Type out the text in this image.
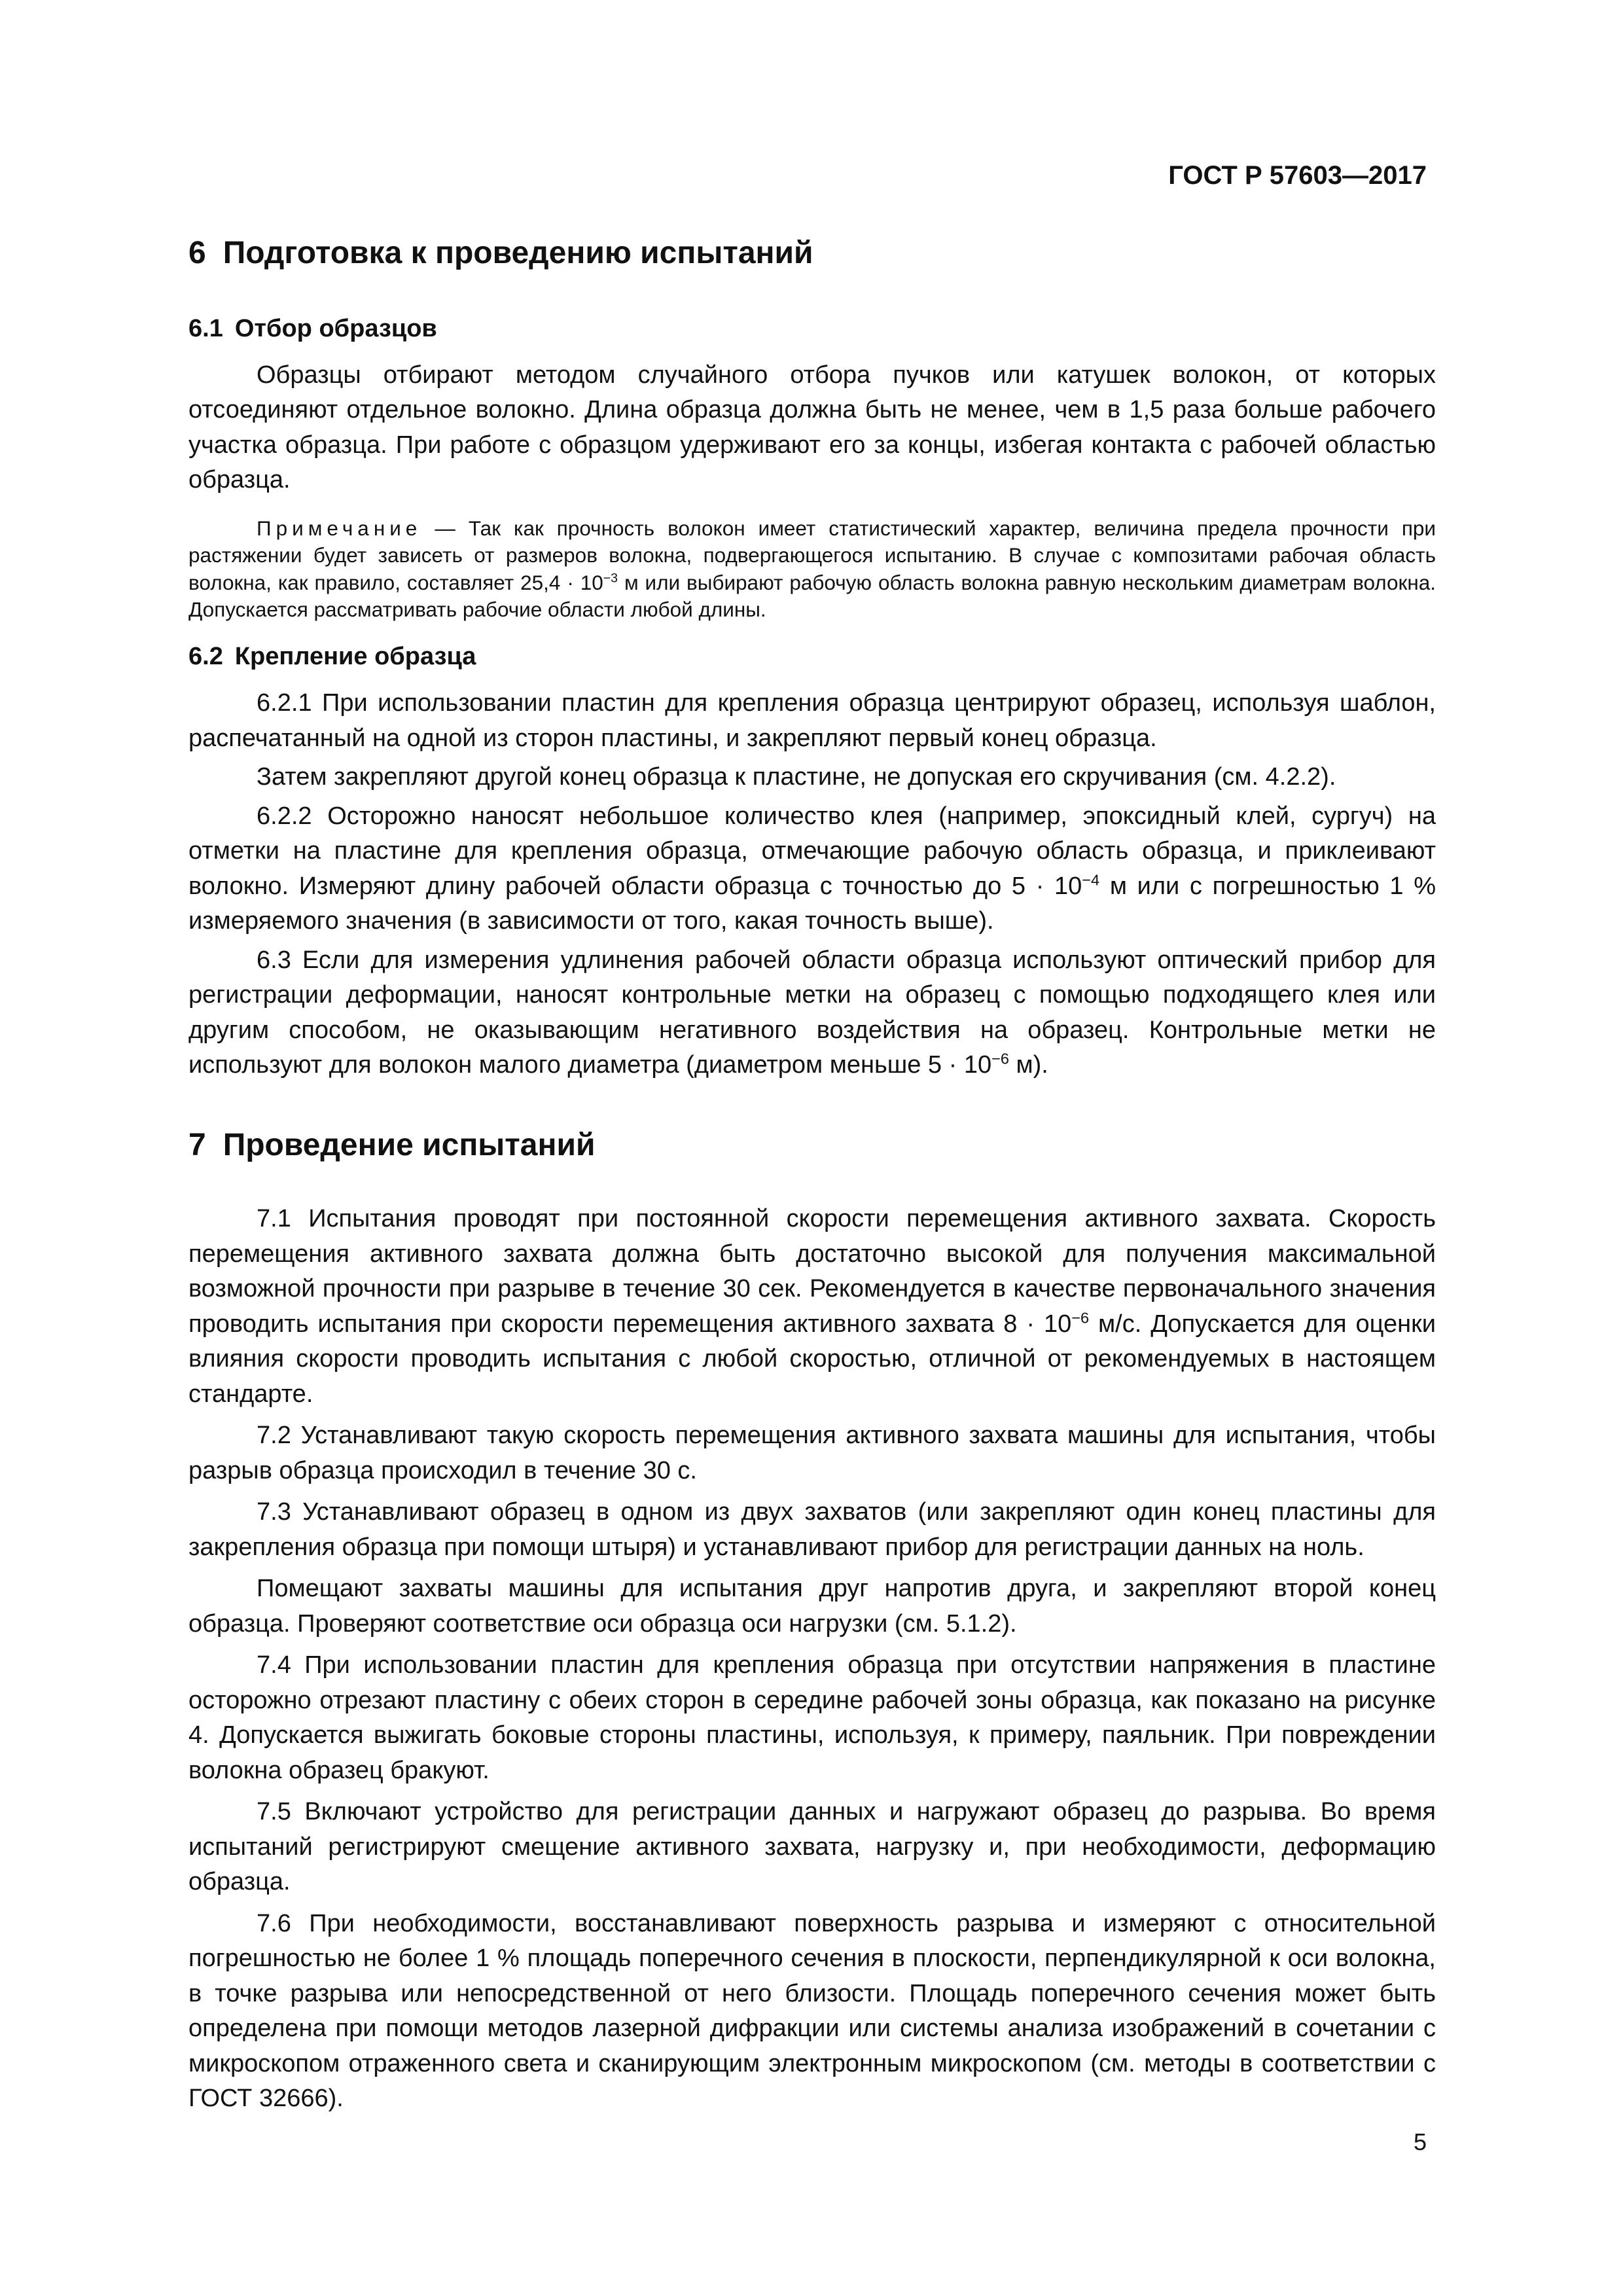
ГОСТ Р 57603—2017
6 Подготовка к проведению испытаний
6.1 Отбор образцов

Образцы отбирают методом случайного отбора пучков или катушек волокон, от которых отсоединяют отдельное волокно. Длина образца должна быть не менее, чем в 1,5 раза больше рабочего участка образца. При работе с образцом удерживают его за концы, избегая контакта с рабочей областью образца.

Примечание — Так как прочность волокон имеет статистический характер, величина предела прочности при растяжении будет зависеть от размеров волокна, подвергающегося испытанию. В случае с композитами рабочая область волокна, как правило, составляет $25,4 \cdot 10^{-3}$ м или выбирают рабочую область волокна равную нескольким диаметрам волокна. Допускается рассматривать рабочие области любой длины.

6.2 Крепление образца

6.2.1 При использовании пластин для крепления образца центрируют образец, используя шаблон, распечатанный на одной из сторон пластины, и закрепляют первый конец образца.

Затем закрепляют другой конец образца к пластине, не допуская его скручивания (см. 4.2.2).

6.2.2 Осторожно наносят небольшое количество клея (например, эпоксидный клей, сургуч) на отметки на пластине для крепления образца, отмечающие рабочую область образца, и приклеивают волокно. Измеряют длину рабочей области образца с точностью до $5 \cdot 10^{-4}$ м или с погрешностью 1 % измеряемого значения (в зависимости от того, какая точность выше).

6.3 Если для измерения удлинения рабочей области образца используют оптический прибор для регистрации деформации, наносят контрольные метки на образец с помощью подходящего клея или другим способом, не оказывающим негативного воздействия на образец. Контрольные метки не используют для волокон малого диаметра (диаметром меньше $5 \cdot 10^{-6}$ м).

7 Проведение испытаний

7.1 Испытания проводят при постоянной скорости перемещения активного захвата. Скорость перемещения активного захвата должна быть достаточно высокой для получения максимальной возможной прочности при разрыве в течение 30 сек. Рекомендуется в качестве первоначального значения проводить испытания при скорости перемещения активного захвата $8 \cdot 10^{-6}$ м/с. Допускается для оценки влияния скорости проводить испытания с любой скоростью, отличной от рекомендуемых в настоящем стандарте.

7.2 Устанавливают такую скорость перемещения активного захвата машины для испытания, чтобы разрыв образца происходил в течение 30 с.

7.3 Устанавливают образец в одном из двух захватов (или закрепляют один конец пластины для закрепления образца при помощи штыря) и устанавливают прибор для регистрации данных на ноль.

Помещают захваты машины для испытания друг напротив друга, и закрепляют второй конец образца. Проверяют соответствие оси образца оси нагрузки (см. 5.1.2).

7.4 При использовании пластин для крепления образца при отсутствии напряжения в пластине осторожно отрезают пластину с обеих сторон в середине рабочей зоны образца, как показано на рисунке 4. Допускается выжигать боковые стороны пластины, используя, к примеру, паяльник. При повреждении волокна образец бракуют.

7.5 Включают устройство для регистрации данных и нагружают образец до разрыва. Во время испытаний регистрируют смещение активного захвата, нагрузку и, при необходимости, деформацию образца.

7.6 При необходимости, восстанавливают поверхность разрыва и измеряют с относительной погрешностью не более 1 % площадь поперечного сечения в плоскости, перпендикулярной к оси волокна, в точке разрыва или непосредственной от него близости. Площадь поперечного сечения может быть определена при помощи методов лазерной дифракции или системы анализа изображений в сочетании с микроскопом отраженного света и сканирующим электронным микроскопом (см. методы в соответствии с ГОСТ 32666).

5
